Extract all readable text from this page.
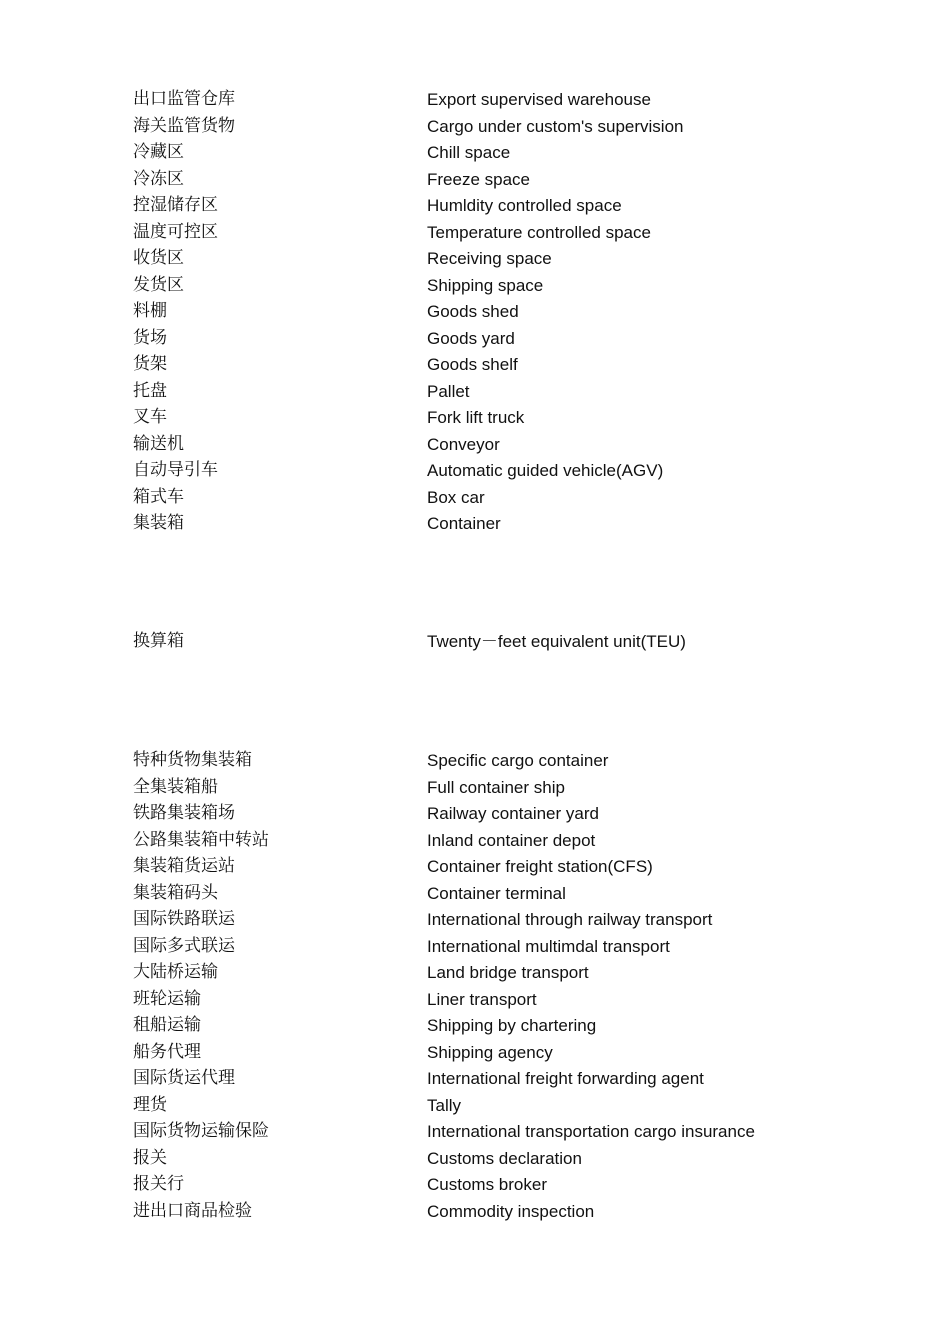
出口监管仓库	Export supervised warehouse
海关监管货物	Cargo under custom's supervision
冷藏区	Chill space
冷冻区	Freeze space
控湿储存区	Humldity controlled space
温度可控区	Temperature controlled space
收货区	Receiving space
发货区	Shipping space
料棚	Goods shed
货场	Goods yard
货架	Goods shelf
托盘	Pallet
叉车	Fork lift truck
输送机	Conveyor
自动导引车	Automatic guided vehicle(AGV)
箱式车	Box car
集装箱	Container
换算箱	Twenty－feet equivalent unit(TEU)
特种货物集装箱	Specific cargo container
全集装箱船	Full container ship
铁路集装箱场	Railway container yard
公路集装箱中转站	Inland container depot
集装箱货运站	Container freight station(CFS)
集装箱码头	Container terminal
国际铁路联运	International through railway transport
国际多式联运	International multimdal transport
大陆桥运输	Land bridge transport
班轮运输	Liner transport
租船运输	Shipping by chartering
船务代理	Shipping agency
国际货运代理	International freight forwarding agent
理货	Tally
国际货物运输保险	International transportation cargo insurance
报关	Customs declaration
报关行	Customs broker
进出口商品检验	Commodity inspection
